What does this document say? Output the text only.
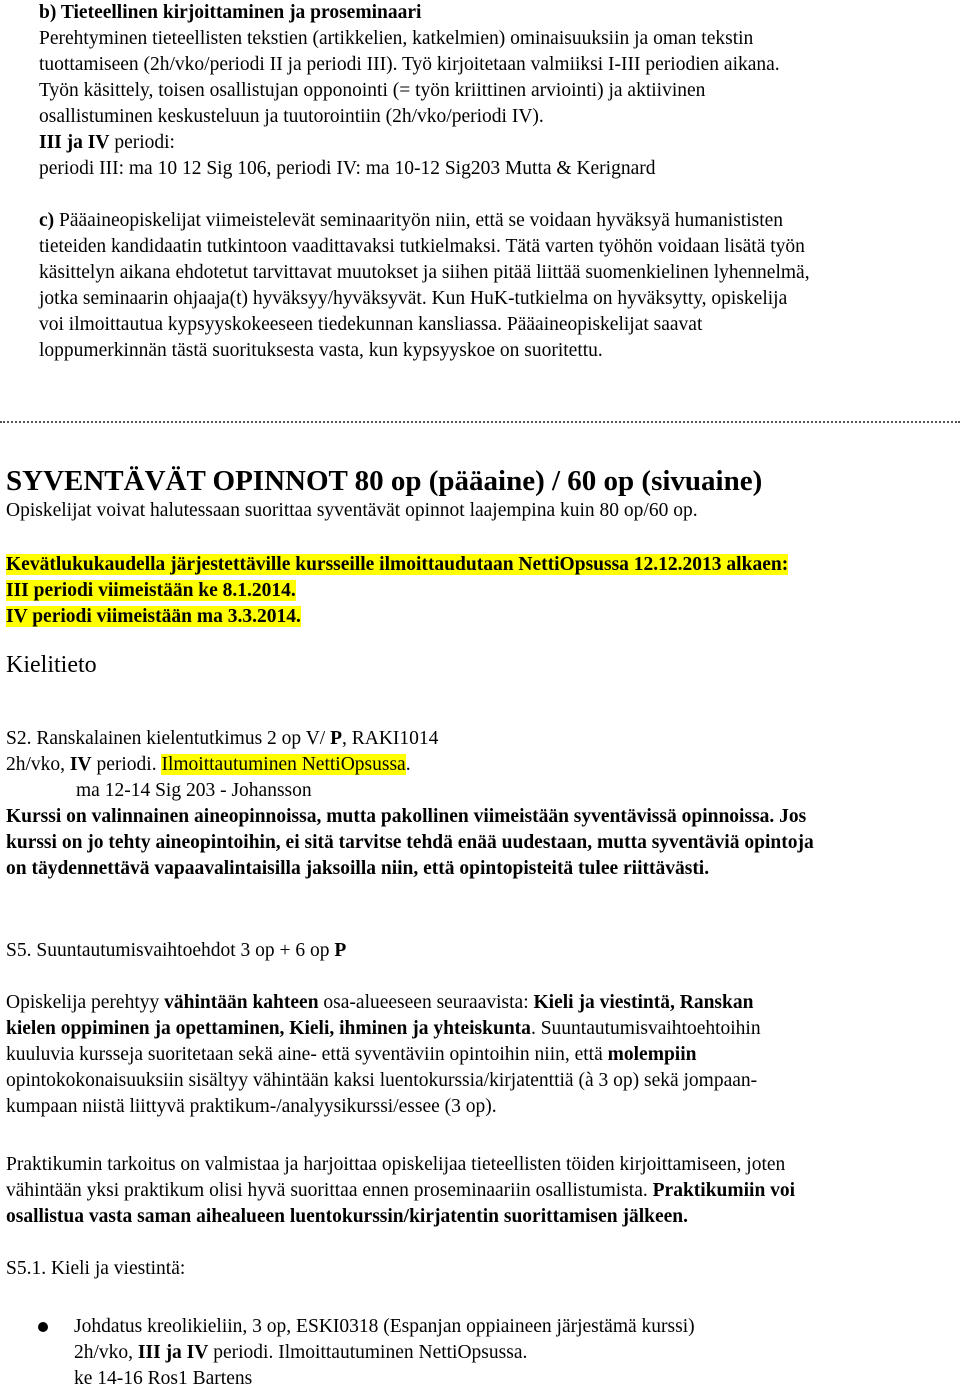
b) Tieteellinen kirjoittaminen ja proseminaari

Perehtyminen tieteellisten tekstien (artikkelien, katkelmien) ominaisuuksiin ja oman tekstin

tuottamiseen (2h/vko/periodi II ja periodi III). Työ kirjoitetaan valmiiksi I-III periodien aikana.

Työn käsittely, toisen osallistujan opponointi (= työn kriittinen arviointi) ja aktiivinen

osallistuminen keskusteluun ja tuutorointiin (2h/vko/periodi IV).

III ja IV periodi:

periodi III: ma 10 12 Sig 106, periodi IV: ma 10-12 Sig203 Mutta & Kerignard

c) Pääaineopiskelijat viimeistelevät seminaarityön niin, että se voidaan hyväksyä humanististen

tieteiden kandidaatin tutkintoon vaadittavaksi tutkielmaksi. Tätä varten työhön voidaan lisätä työn

käsittelyn aikana ehdotetut tarvittavat muutokset ja siihen pitää liittää suomenkielinen lyhennelmä,

jotka seminaarin ohjaaja(t) hyväksyy/hyväksyvät. Kun HuK-tutkielma on hyväksytty, opiskelija

voi ilmoittautua kypsyyskokeeseen tiedekunnan kansliassa. Pääaineopiskelijat saavat

loppumerkinnän tästä suorituksesta vasta, kun kypsyyskoe on suoritettu.

SYVENTÄVÄT OPINNOT 80 op (pääaine) / 60 op (sivuaine)

Opiskelijat voivat halutessaan suorittaa syventävät opinnot laajempina kuin 80 op/60 op.

Kevätlukukaudella järjestettäville kursseille ilmoittaudutaan NettiOpsussa 12.12.2013 alkaen:

III periodi viimeistään ke 8.1.2014.

IV periodi viimeistään ma 3.3.2014.

Kielitieto

S2. Ranskalainen kielentutkimus 2 op V/ P, RAKI1014

2h/vko, IV periodi. Ilmoittautuminen NettiOpsussa.

ma 12-14 Sig 203 - Johansson

Kurssi on valinnainen aineopinnoissa, mutta pakollinen viimeistään syventävissä opinnoissa. Jos

kurssi on jo tehty aineopintoihin, ei sitä tarvitse tehdä enää uudestaan, mutta syventäviä opintoja

on täydennettävä vapaavalintaisilla jaksoilla niin, että opintopisteitä tulee riittävästi.

S5. Suuntautumisvaihtoehdot 3 op + 6 op P

Opiskelija perehtyy vähintään kahteen osa-alueeseen seuraavista: Kieli ja viestintä, Ranskan

kielen oppiminen ja opettaminen, Kieli, ihminen ja yhteiskunta. Suuntautumisvaihtoehtoihin

kuuluvia kursseja suoritetaan sekä aine- että syventäviin opintoihin niin, että molempiin

opintokokonaisuuksiin sisältyy vähintään kaksi luentokurssia/kirjatenttiä (à 3 op) sekä jompaan-

kumpaan niistä liittyvä praktikum-/analyysikurssi/essee (3 op).

Praktikumin tarkoitus on valmistaa ja harjoittaa opiskelijaa tieteellisten töiden kirjoittamiseen, joten

vähintään yksi praktikum olisi hyvä suorittaa ennen proseminaariin osallistumista. Praktikumiin voi

osallistua vasta saman aihealueen luentokurssin/kirjatentin suorittamisen jälkeen.

S5.1. Kieli ja viestintä:

Johdatus kreolikieliin, 3 op, ESKI0318 (Espanjan oppiaineen järjestämä kurssi)

2h/vko, III ja IV periodi. Ilmoittautuminen NettiOpsussa.

ke 14-16 Ros1 Bartens
